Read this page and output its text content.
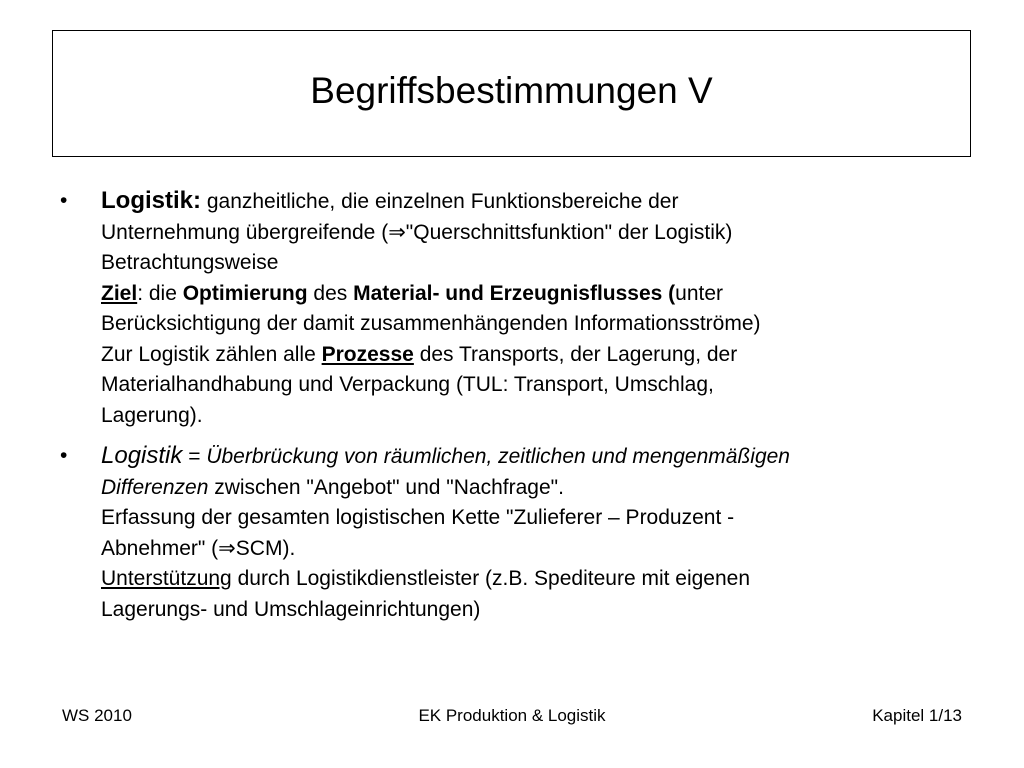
Begriffsbestimmungen V
• Logistik: ganzheitliche, die einzelnen Funktionsbereiche der
Unternehmung übergreifende (⇒"Querschnittsfunktion" der Logistik)
Betrachtungsweise
Ziel: die Optimierung des Material- und Erzeugnisflusses (unter
Berücksichtigung der damit zusammenhängenden Informationsströme)
Zur Logistik zählen alle Prozesse des Transports, der Lagerung, der
Materialhandhabung und Verpackung (TUL: Transport, Umschlag,
Lagerung).
• Logistik = Überbrückung von räumlichen, zeitlichen und mengenmäßigen
Differenzen zwischen "Angebot" und "Nachfrage".
Erfassung der gesamten logistischen Kette "Zulieferer – Produzent -
Abnehmer" (⇒SCM).
Unterstützung durch Logistikdienstleister (z.B. Spediteure mit eigenen
Lagerungs- und Umschlageinrichtungen)
WS 2010	EK Produktion & Logistik	Kapitel 1/13
